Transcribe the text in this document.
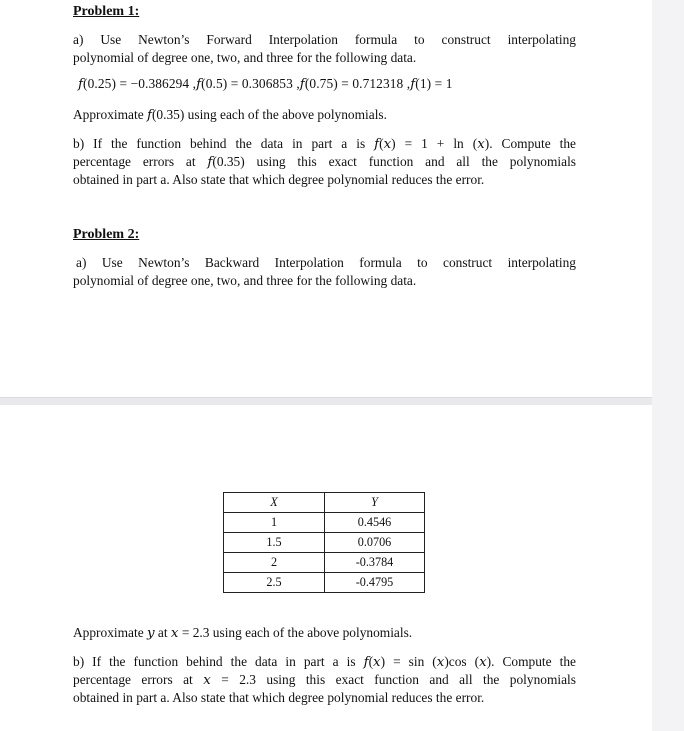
Problem 1:
a) Use Newton’s Forward Interpolation formula to construct interpolating
polynomial of degree one, two, and three for the following data.
𝑓(0.25) = −0.386294 ,𝑓(0.5) = 0.306853 ,𝑓(0.75) = 0.712318 ,𝑓(1) = 1
Approximate 𝑓(0.35) using each of the above polynomials.
b) If the function behind the data in part a is 𝑓(𝑥) = 1 + ln (𝑥). Compute the
percentage errors at 𝑓(0.35) using this exact function and all the polynomials
obtained in part a. Also state that which degree polynomial reduces the error.
Problem 2:
a) Use Newton’s Backward Interpolation formula to construct interpolating
polynomial of degree one, two, and three for the following data.
X	Y
1	0.4546
1.5	0.0706
2	-0.3784
2.5	-0.4795
Approximate 𝑦 at 𝑥 = 2.3 using each of the above polynomials.
b) If the function behind the data in part a is 𝑓(𝑥) = sin (𝑥)cos (𝑥). Compute the
percentage errors at 𝑥 = 2.3 using this exact function and all the polynomials
obtained in part a. Also state that which degree polynomial reduces the error.
